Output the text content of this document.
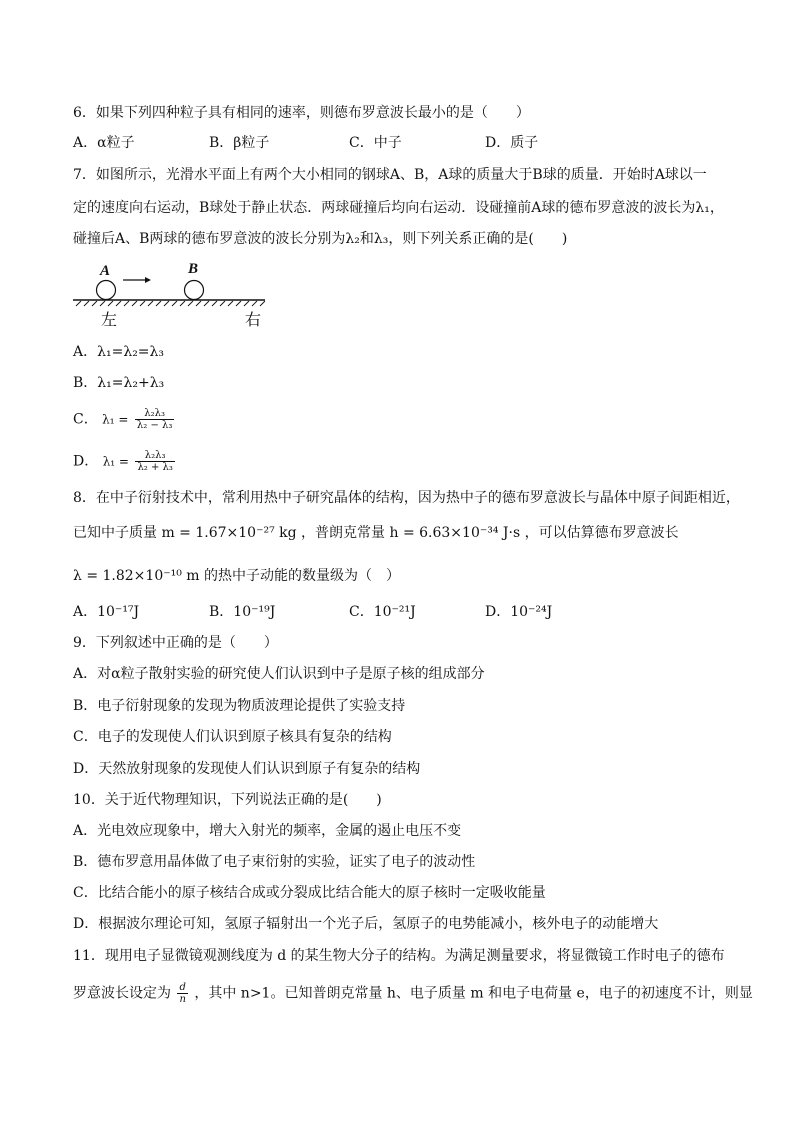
6．如果下列四种粒子具有相同的速率，则德布罗意波长最小的是（　　）
A．α粒子	B．β粒子	C．中子	D．质子
7．如图所示，光滑水平面上有两个大小相同的钢球A、B，A球的质量大于B球的质量．开始时A球以一
定的速度向右运动，B球处于静止状态．两球碰撞后均向右运动．设碰撞前A球的德布罗意波的波长为λ₁，
碰撞后A、B两球的德布罗意波的波长分别为λ₂和λ₃，则下列关系正确的是(　　)
A	B
左	右
A．λ₁=λ₂=λ₃
B．λ₁=λ₂+λ₃
C． $\lambda_1 = \frac{\text{λ₂λ₃}}{\text{λ₂ − λ₃}}$
D． $\lambda_1 = \frac{\text{λ₂λ₃}}{\text{λ₂ + λ₃}}$
8．在中子衍射技术中，常利用热中子研究晶体的结构，因为热中子的德布罗意波长与晶体中原子间距相近，
已知中子质量 m = 1.67×10⁻²⁷ kg ，普朗克常量 h = 6.63×10⁻³⁴ J·s ，可以估算德布罗意波长
λ = 1.82×10⁻¹⁰ m 的热中子动能的数量级为（　）
A．10⁻¹⁷J	B．10⁻¹⁹J	C．10⁻²¹J	D．10⁻²⁴J
9．下列叙述中正确的是（　　）
A．对α粒子散射实验的研究使人们认识到中子是原子核的组成部分
B．电子衍射现象的发现为物质波理论提供了实验支持
C．电子的发现使人们认识到原子核具有复杂的结构
D．天然放射现象的发现使人们认识到原子有复杂的结构
10．关于近代物理知识，下列说法正确的是(　　)
A．光电效应现象中，增大入射光的频率，金属的遏止电压不变
B．德布罗意用晶体做了电子束衍射的实验，证实了电子的波动性
C．比结合能小的原子核结合成或分裂成比结合能大的原子核时一定吸收能量
D．根据波尔理论可知，氢原子辐射出一个光子后，氢原子的电势能减小，核外电子的动能增大
11．现用电子显微镜观测线度为 d 的某生物大分子的结构。为满足测量要求，将显微镜工作时电子的德布
罗意波长设定为 $\frac{d}{n}$ ，其中 n>1。已知普朗克常量 h、电子质量 m 和电子电荷量 e，电子的初速度不计，则显
